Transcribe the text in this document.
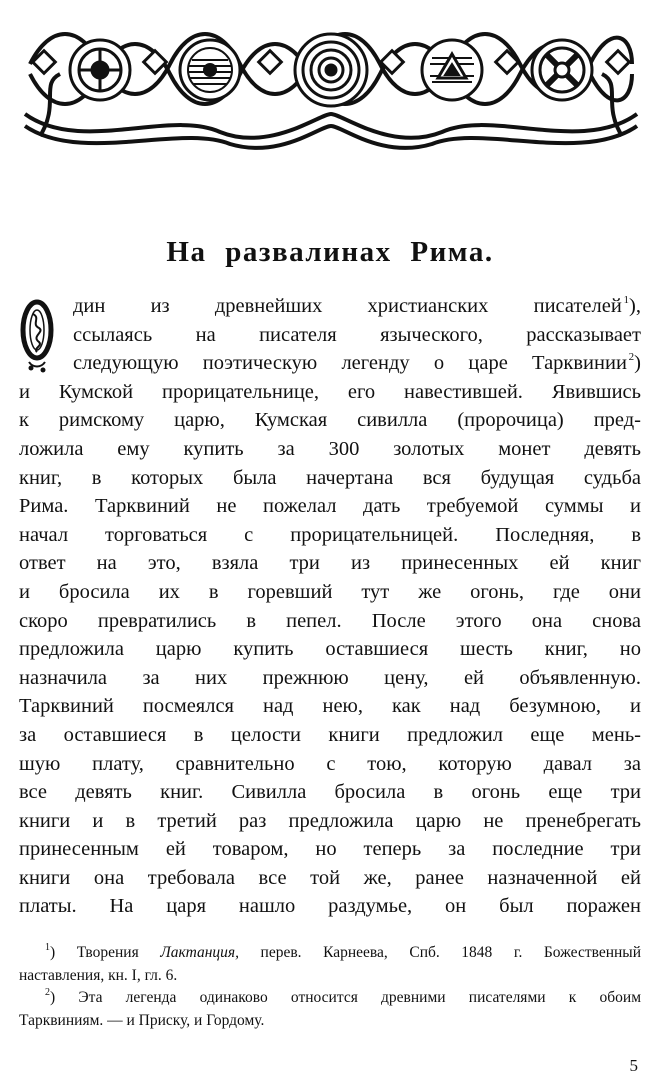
На развалинах Рима.
дин из древнейших христианских писателей  $^1$),
ссылаясь на писателя языческого, рассказывает
следующую поэтическую легенду о царе Тарквинии  $^2$)
и Кумской прорицательнице, его навестившей. Явившись
к римскому царю, Кумская сивилла (пророчица) пред-
ложила ему купить за 300 золотых монет девять
книг, в которых была начертана вся будущая судьба
Рима. Тарквиний не пожелал дать требуемой суммы и
начал торговаться с прорицательницей. Последняя, в
ответ на это, взяла три из принесенных ей книг
и бросила их в горевший тут же огонь, где они
скоро превратились в пепел. После этого она снова
предложила царю купить оставшиеся шесть книг, но
назначила за них прежнюю цену, ей объявленную.
Тарквиний посмеялся над нею, как над безумною, и
за оставшиеся в целости книги предложил еще мень-
шую плату, сравнительно с тою, которую давал за
все девять книг. Сивилла бросила в огонь еще три
книги и в третий раз предложила царю не пренебрегать
принесенным ей товаром, но теперь за последние три
книги она требовала все той же, ранее назначенной ей
платы. На царя нашло раздумье, он был поражен
$^1$) Творения Лактанция, перев. Карнеева, Спб. 1848 г. Божественный
наставления, кн. I, гл. 6.
$^2$) Эта легенда одинаково относится древними писателями к обоим
Тарквиниям. — и Приску, и Гордому.
5
